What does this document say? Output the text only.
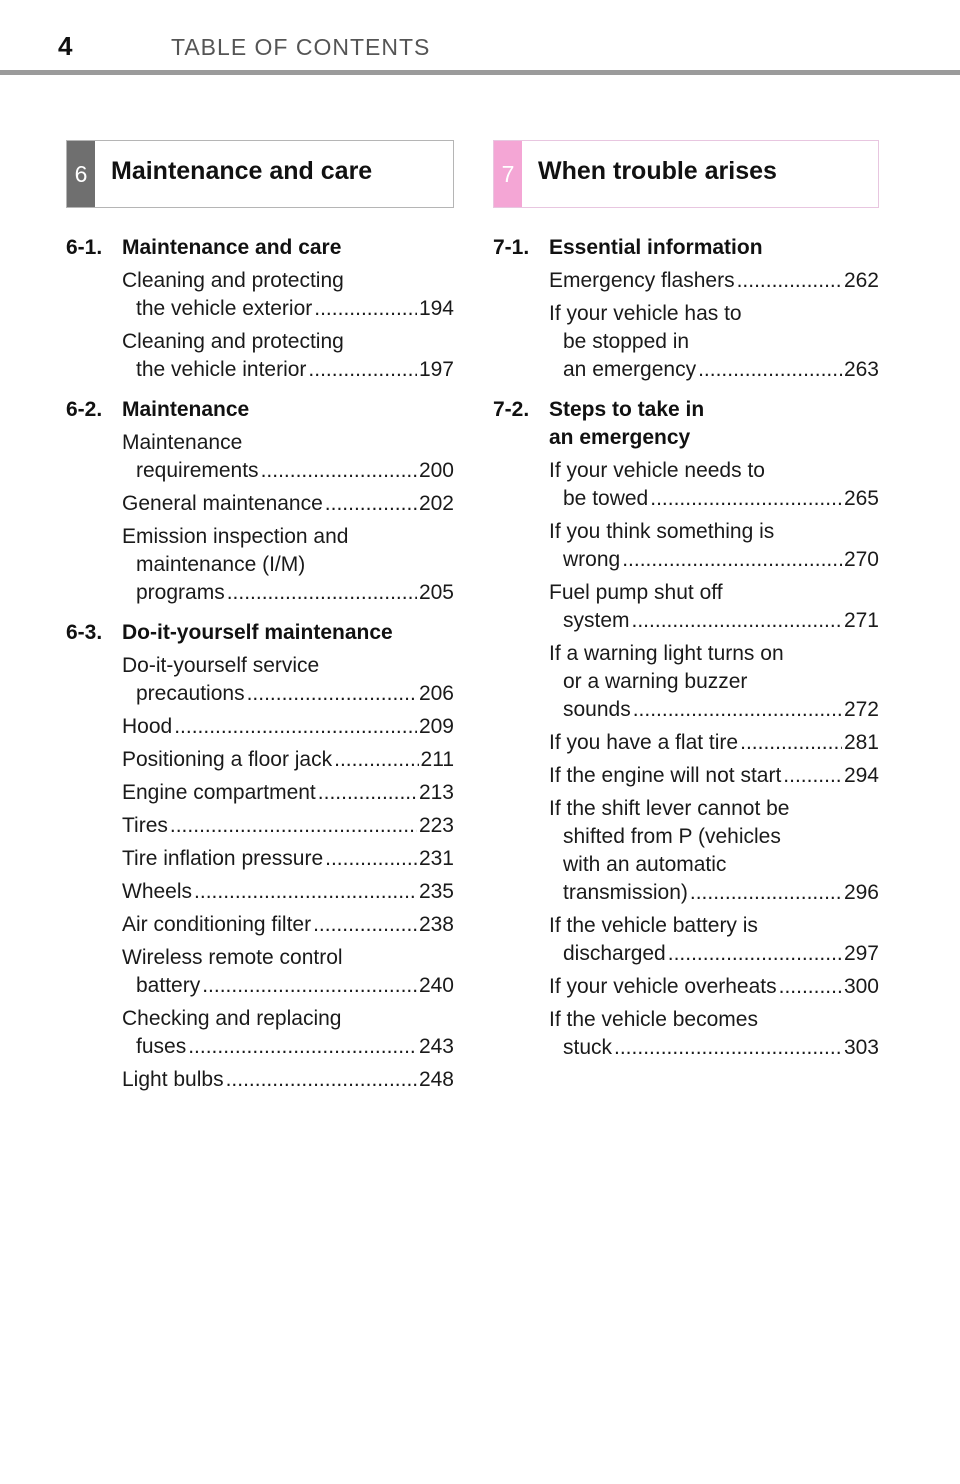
4	TABLE OF CONTENTS
6 Maintenance and care
6-1. Maintenance and care
Cleaning and protecting
the vehicle exterior .....	194
Cleaning and protecting
the vehicle interior .....	197
6-2. Maintenance
Maintenance
requirements .....	200
General maintenance .....	202
Emission inspection and
maintenance (I/M)
programs .....	205
6-3. Do-it-yourself maintenance
Do-it-yourself service
precautions .....	206
Hood .....	209
Positioning a floor jack .....	211
Engine compartment .....	213
Tires .....	223
Tire inflation pressure .....	231
Wheels .....	235
Air conditioning filter .....	238
Wireless remote control
battery .....	240
Checking and replacing
fuses .....	243
Light bulbs .....	248
7 When trouble arises
7-1. Essential information
Emergency flashers .....	262
If your vehicle has to
be stopped in
an emergency .....	263
7-2. Steps to take in
an emergency
If your vehicle needs to
be towed .....	265
If you think something is
wrong .....	270
Fuel pump shut off
system .....	271
If a warning light turns on
or a warning buzzer
sounds .....	272
If you have a flat tire .....	281
If the engine will not start .....	294
If the shift lever cannot be
shifted from P (vehicles
with an automatic
transmission) .....	296
If the vehicle battery is
discharged .....	297
If your vehicle overheats .....	300
If the vehicle becomes
stuck .....	303
